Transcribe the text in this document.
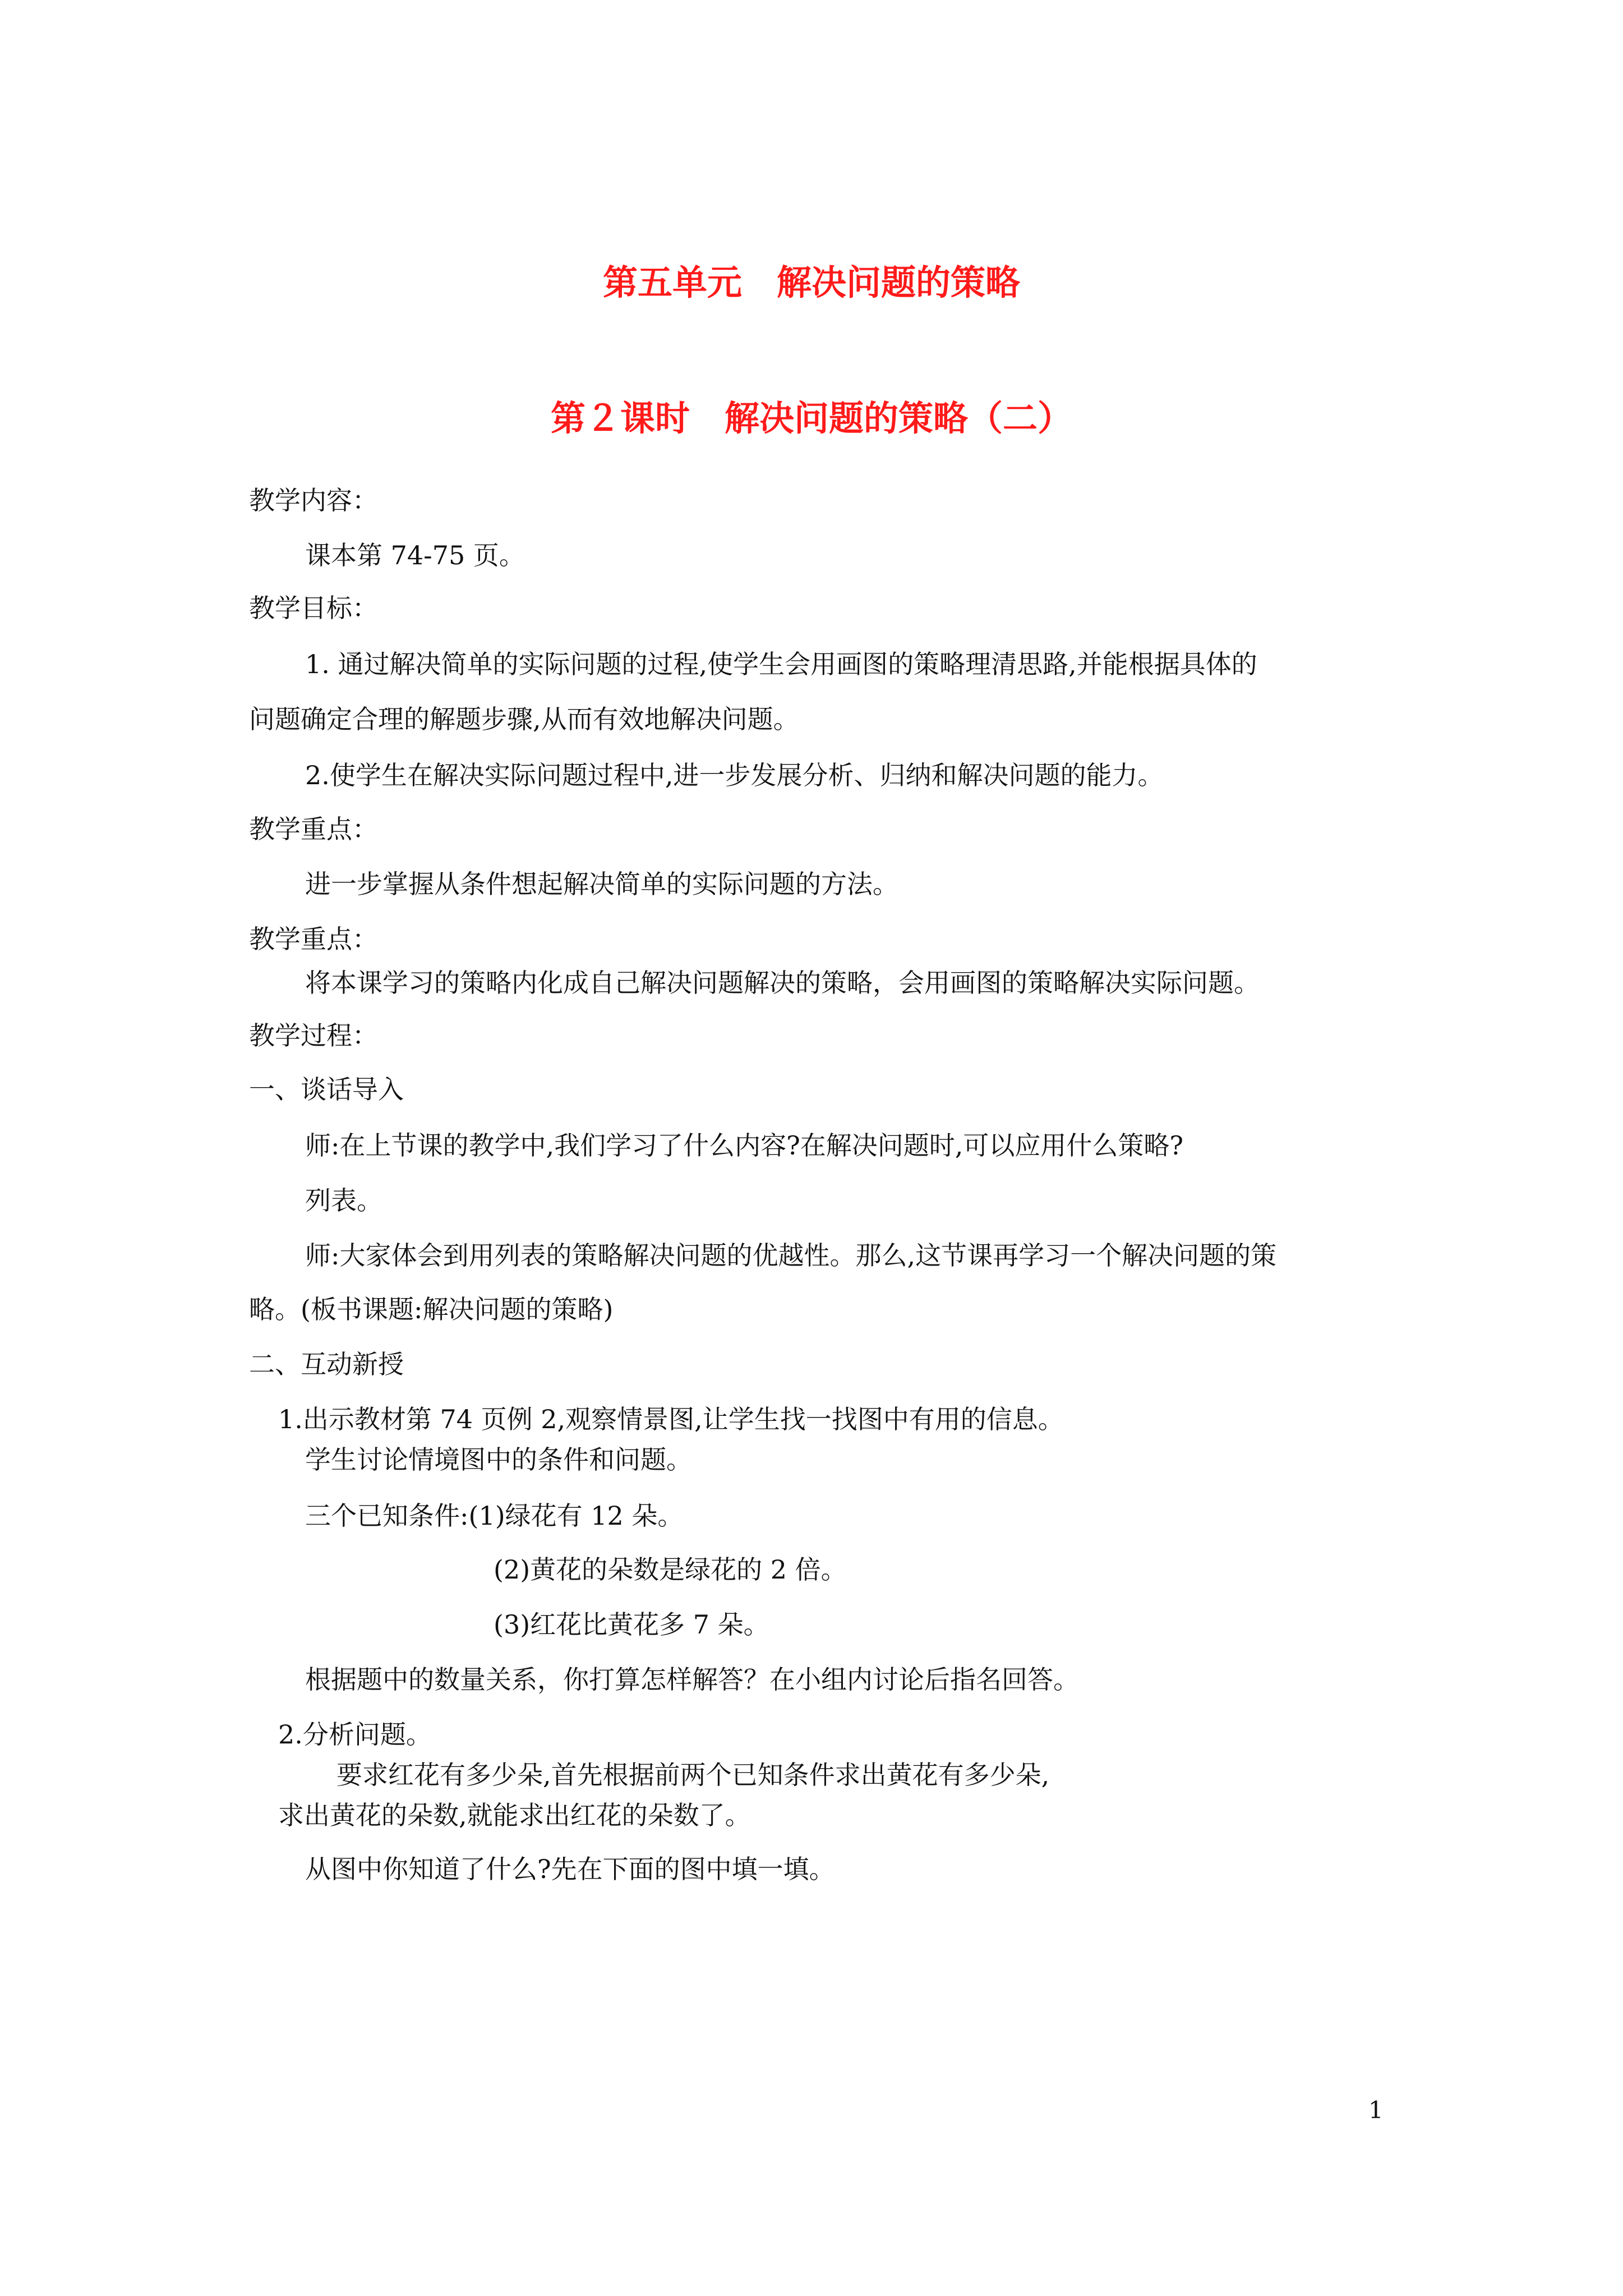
第五单元　解决问题的策略
第２课时　解决问题的策略（二）
教学内容：
课本第 74-75 页。
教学目标：
1. 通过解决简单的实际问题的过程,使学生会用画图的策略理清思路,并能根据具体的
问题确定合理的解题步骤,从而有效地解决问题。
2.使学生在解决实际问题过程中,进一步发展分析、归纳和解决问题的能力。
教学重点：
进一步掌握从条件想起解决简单的实际问题的方法。
教学重点：
将本课学习的策略内化成自己解决问题解决的策略，会用画图的策略解决实际问题。
教学过程：
一、谈话导入
师:在上节课的教学中,我们学习了什么内容?在解决问题时,可以应用什么策略?
列表。
师:大家体会到用列表的策略解决问题的优越性。那么,这节课再学习一个解决问题的策
略。(板书课题:解决问题的策略)
二、互动新授
1.出示教材第 74 页例 2,观察情景图,让学生找一找图中有用的信息。
学生讨论情境图中的条件和问题。
三个已知条件:(1)绿花有 12 朵。
(2)黄花的朵数是绿花的 2 倍。
(3)红花比黄花多 7 朵。
根据题中的数量关系，你打算怎样解答？在小组内讨论后指名回答。
2.分析问题。
要求红花有多少朵,首先根据前两个已知条件求出黄花有多少朵,
求出黄花的朵数,就能求出红花的朵数了。
从图中你知道了什么?先在下面的图中填一填。
1
